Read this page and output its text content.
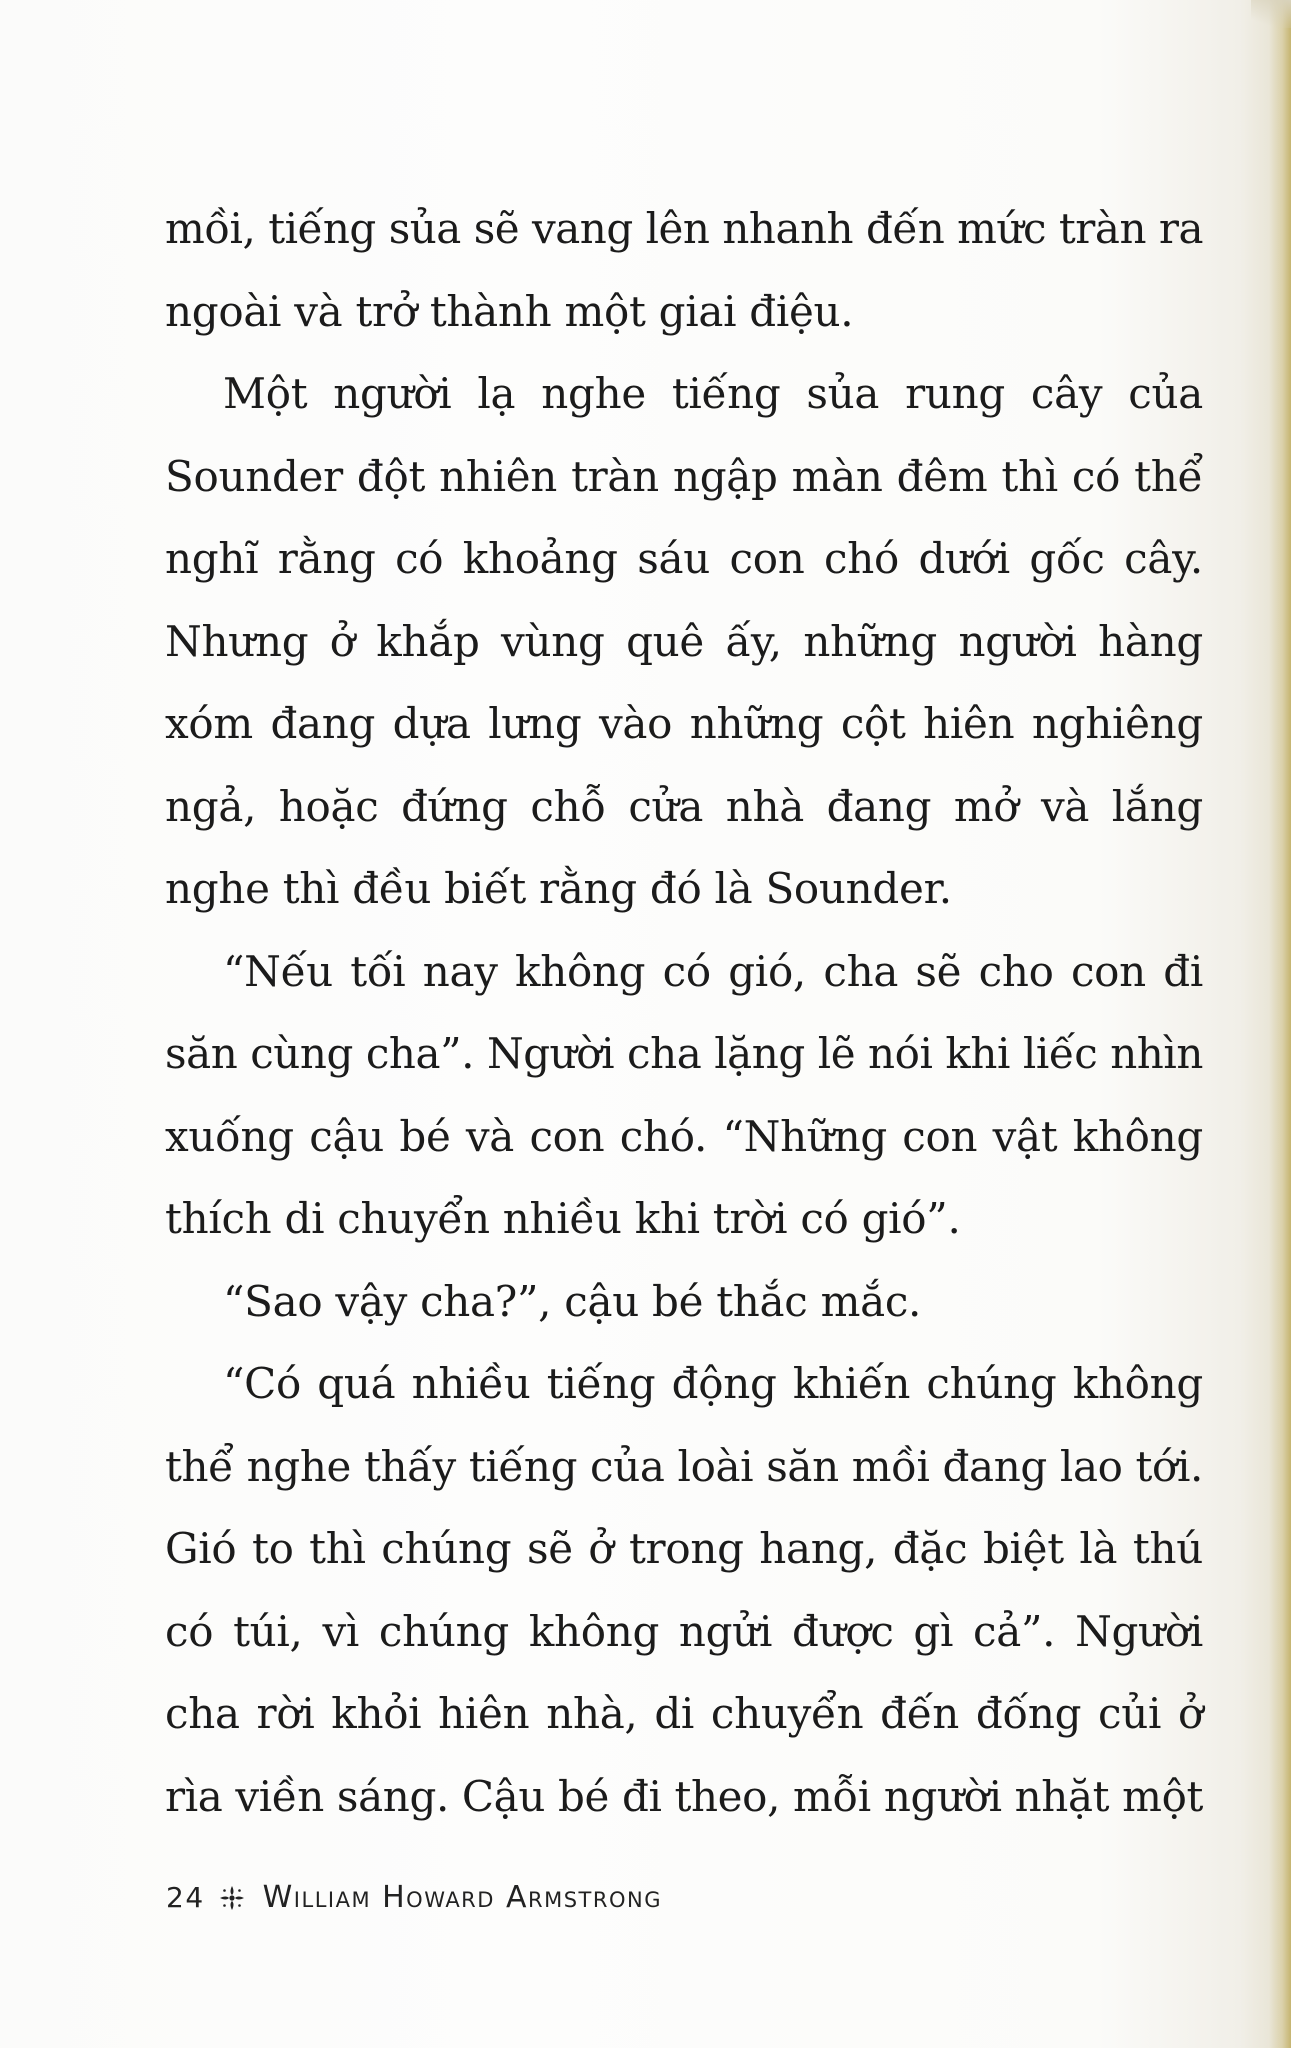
mồi, tiếng sủa sẽ vang lên nhanh đến mức tràn ra
ngoài và trở thành một giai điệu.
Một người lạ nghe tiếng sủa rung cây của
Sounder đột nhiên tràn ngập màn đêm thì có thể
nghĩ rằng có khoảng sáu con chó dưới gốc cây.
Nhưng ở khắp vùng quê ấy, những người hàng
xóm đang dựa lưng vào những cột hiên nghiêng
ngả, hoặc đứng chỗ cửa nhà đang mở và lắng
nghe thì đều biết rằng đó là Sounder.
“Nếu tối nay không có gió, cha sẽ cho con đi
săn cùng cha”. Người cha lặng lẽ nói khi liếc nhìn
xuống cậu bé và con chó. “Những con vật không
thích di chuyển nhiều khi trời có gió”.
“Sao vậy cha?”, cậu bé thắc mắc.
“Có quá nhiều tiếng động khiến chúng không
thể nghe thấy tiếng của loài săn mồi đang lao tới.
Gió to thì chúng sẽ ở trong hang, đặc biệt là thú
có túi, vì chúng không ngửi được gì cả”. Người
cha rời khỏi hiên nhà, di chuyển đến đống củi ở
rìa viền sáng. Cậu bé đi theo, mỗi người nhặt một
24 William Howard Armstrong
